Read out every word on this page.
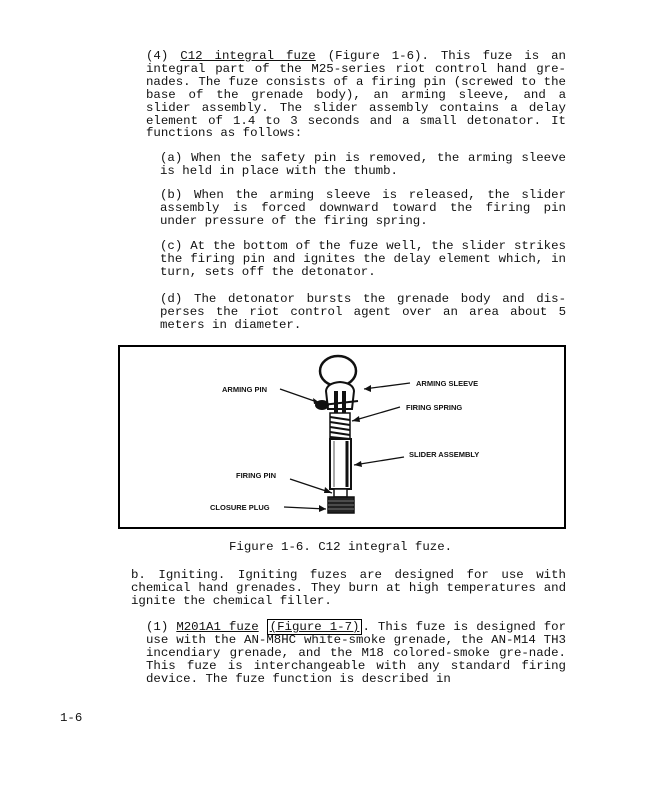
(4) C12 integral fuze (Figure 1-6). This fuze is an integral part of the M25-series riot control hand gre-nades. The fuze consists of a firing pin (screwed to the base of the grenade body), an arming sleeve, and a slider assembly. The slider assembly contains a delay element of 1.4 to 3 seconds and a small detonator. It functions as follows:

(a) When the safety pin is removed, the arming sleeve is held in place with the thumb.

(b) When the arming sleeve is released, the slider assembly is forced downward toward the firing pin under pressure of the firing spring.

(c) At the bottom of the fuze well, the slider strikes the firing pin and ignites the delay element which, in turn, sets off the detonator.

(d) The detonator bursts the grenade body and dis-perses the riot control agent over an area about 5 meters in diameter.

ARMING PIN
ARMING SLEEVE
FIRING SPRING
SLIDER ASSEMBLY
FIRING PIN
CLOSURE PLUG
Figure 1-6. C12 integral fuze.

b. Igniting. Igniting fuzes are designed for use with chemical hand grenades. They burn at high temperatures and ignite the chemical filler.

(1) M201A1 fuze (Figure 1-7) . This fuze is designed for use with the AN-M8HC white-smoke grenade, the AN-M14 TH3 incendiary grenade, and the M18 colored-smoke gre-nade. This fuze is interchangeable with any standard firing device. The fuze function is described in

1-6
